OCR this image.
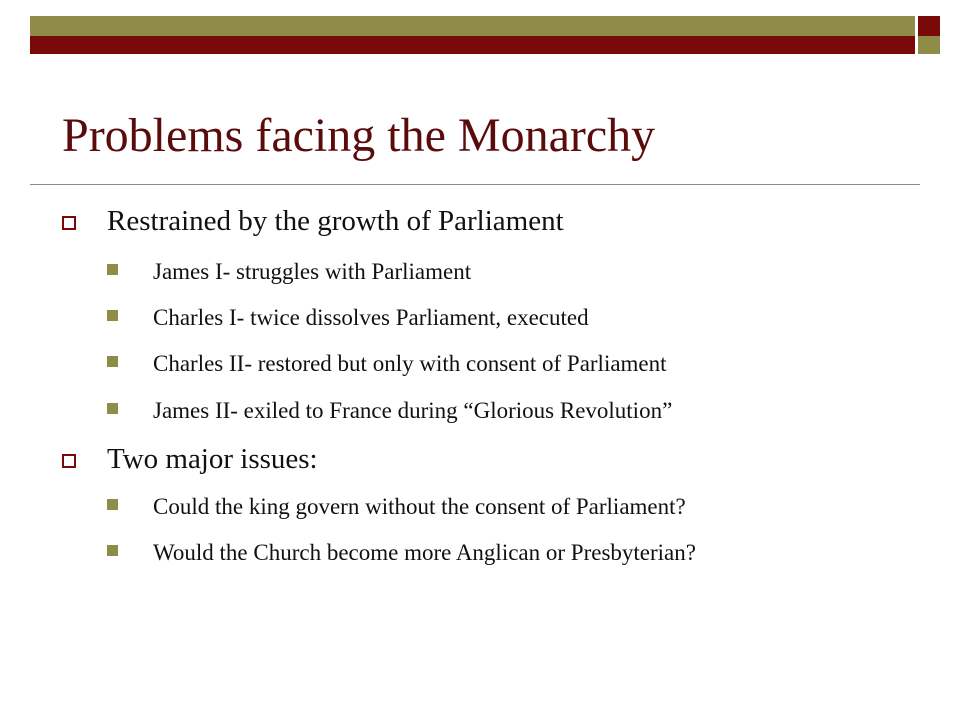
Problems facing the Monarchy
Restrained by the growth of Parliament
James I- struggles with Parliament
Charles I- twice dissolves Parliament, executed
Charles II- restored but only with consent of Parliament
James II- exiled to France during “Glorious Revolution”
Two major issues:
Could the king govern without the consent of Parliament?
Would the Church become more Anglican or Presbyterian?
